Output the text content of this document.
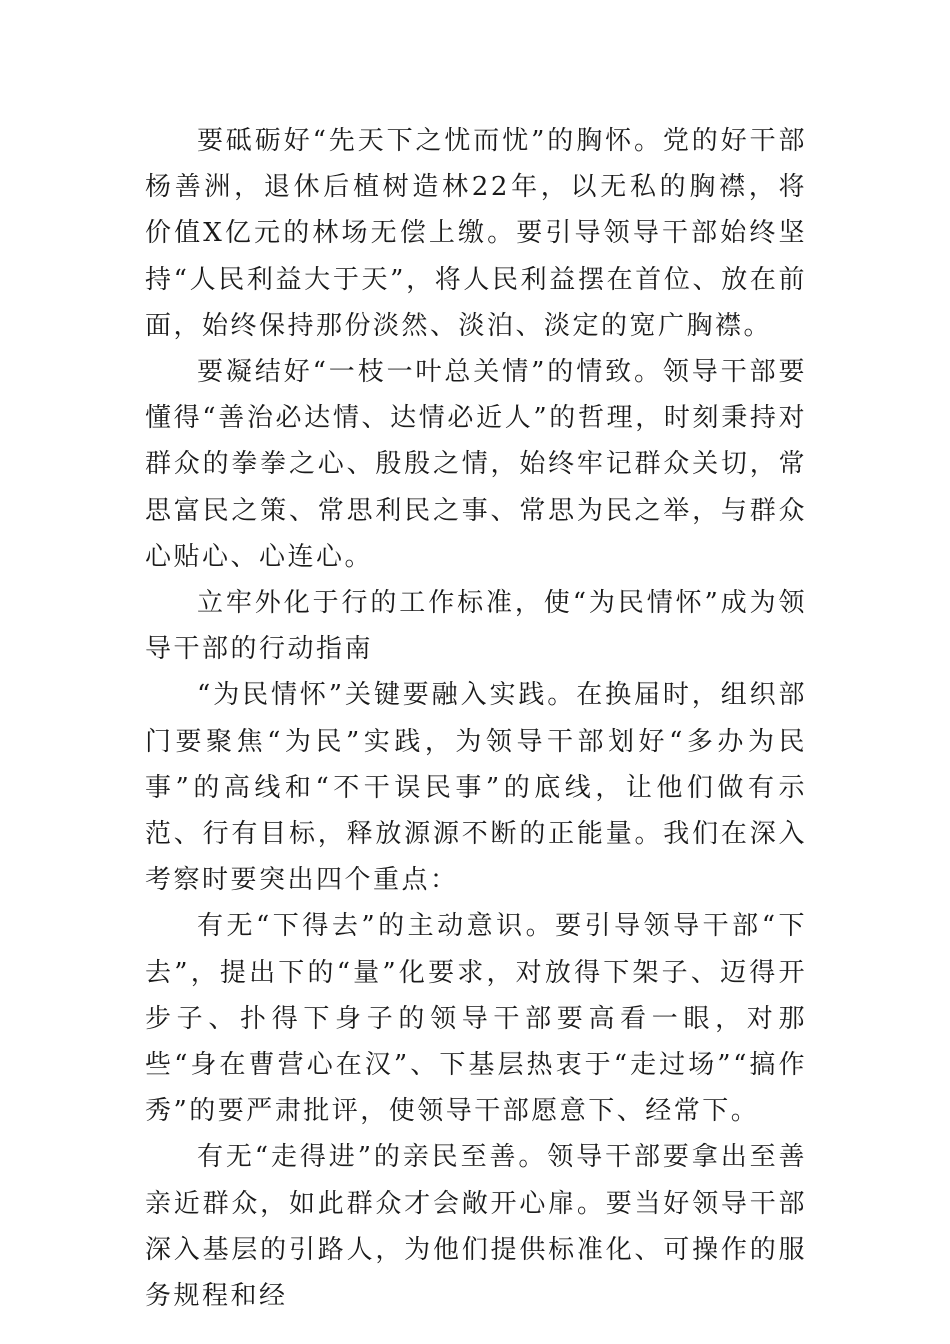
要砥砺好“先天下之忧而忧”的胸怀。党的好干部杨善洲，退休后植树造林22年，以无私的胸襟，将价值X亿元的林场无偿上缴。要引导领导干部始终坚持“人民利益大于天”，将人民利益摆在首位、放在前面，始终保持那份淡然、淡泊、淡定的宽广胸襟。

要凝结好“一枝一叶总关情”的情致。领导干部要懂得“善治必达情、达情必近人”的哲理，时刻秉持对群众的拳拳之心、殷殷之情，始终牢记群众关切，常思富民之策、常思利民之事、常思为民之举，与群众心贴心、心连心。

立牢外化于行的工作标准，使“为民情怀”成为领导干部的行动指南

“为民情怀”关键要融入实践。在换届时，组织部门要聚焦“为民”实践，为领导干部划好“多办为民事”的高线和“不干误民事”的底线，让他们做有示范、行有目标，释放源源不断的正能量。我们在深入考察时要突出四个重点：

有无“下得去”的主动意识。要引导领导干部“下去”，提出下的“量”化要求，对放得下架子、迈得开步子、扑得下身子的领导干部要高看一眼，对那些“身在曹营心在汉”、下基层热衷于“走过场”“搞作秀”的要严肃批评，使领导干部愿意下、经常下。

有无“走得进”的亲民至善。领导干部要拿出至善亲近群众，如此群众才会敞开心扉。要当好领导干部深入基层的引路人，为他们提供标准化、可操作的服务规程和经
